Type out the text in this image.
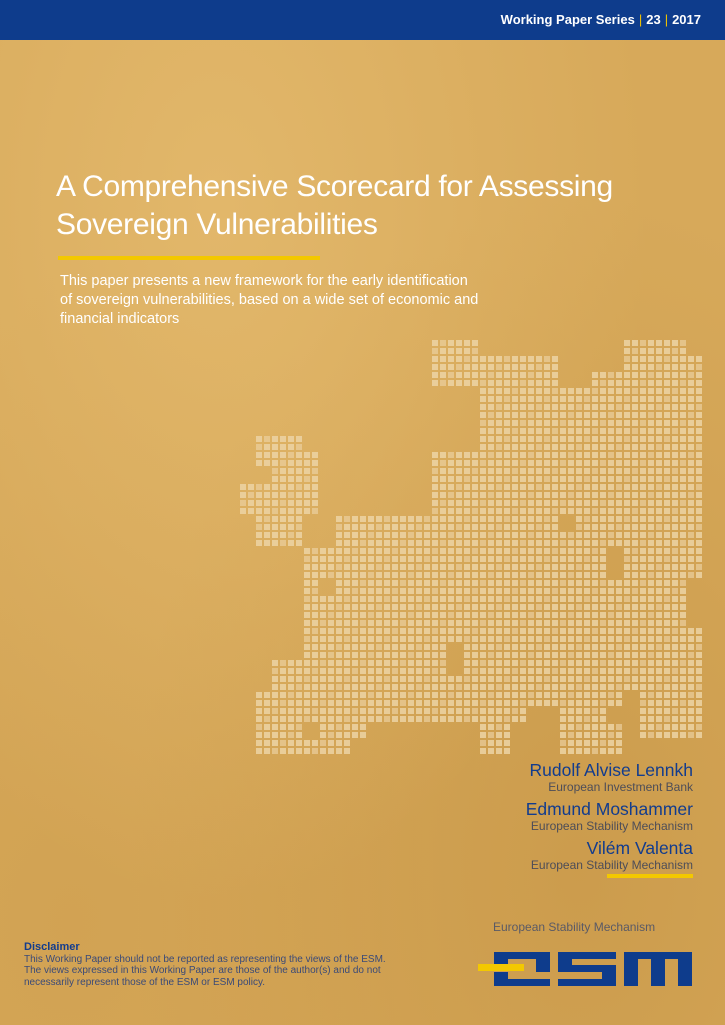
Working Paper Series | 23 | 2017
A Comprehensive Scorecard for Assessing
Sovereign Vulnerabilities
This paper presents a new framework for the early identification
of sovereign vulnerabilities, based on a wide set of economic and
financial indicators
Rudolf Alvise Lennkh
European Investment Bank
Edmund Moshammer
European Stability Mechanism
Vilém Valenta
European Stability Mechanism
Disclaimer
This Working Paper should not be reported as representing the views of the ESM.
The views expressed in this Working Paper are those of the author(s) and do not
necessarily represent those of the ESM or ESM policy.
European Stability Mechanism
